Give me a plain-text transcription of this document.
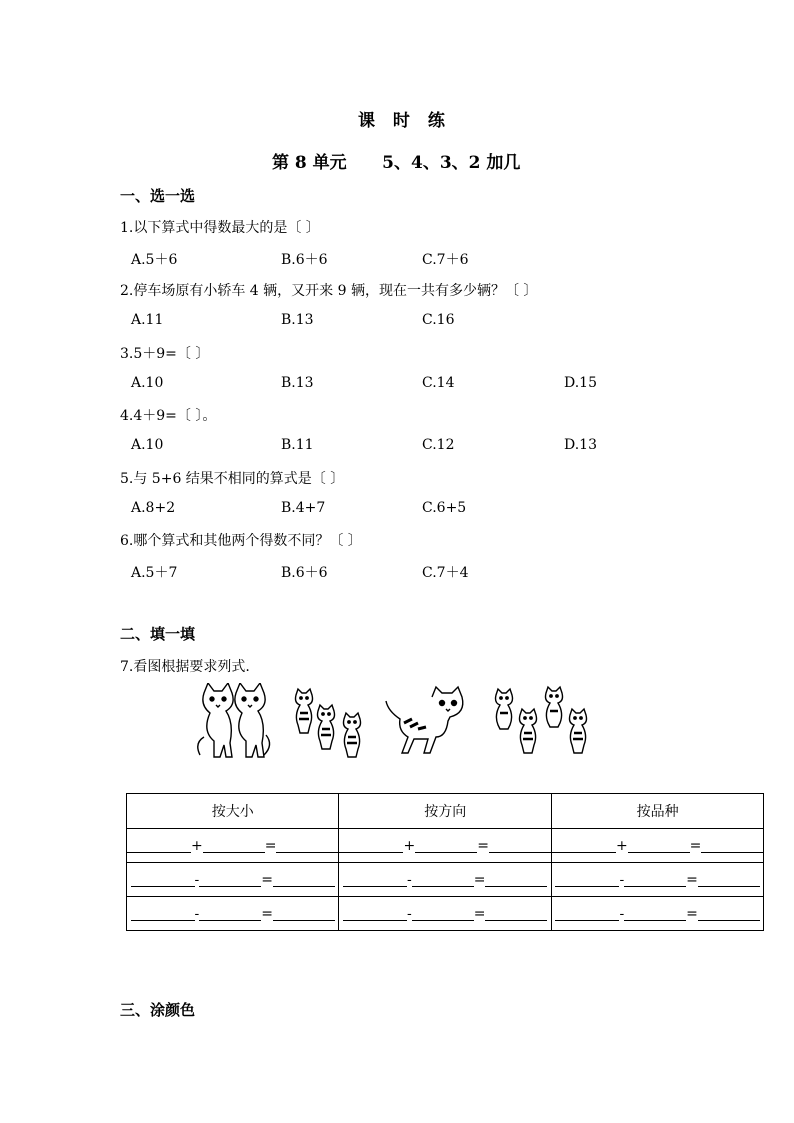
课 时 练
第 8 单元      5、4、3、2 加几
一、选一选
1.以下算式中得数最大的是〔 〕
A.5＋6	B.6＋6	C.7＋6
2.停车场原有小轿车 4 辆，又开来 9 辆，现在一共有多少辆？〔 〕
A.11	B.13	C.16
3.5＋9=〔 〕
A.10	B.13	C.14	D.15
4.4＋9=〔 〕。
A.10	B.11	C.12	D.13
5.与 5+6 结果不相同的算式是〔 〕
A.8+2	B.4+7	C.6+5
6.哪个算式和其他两个得数不同？〔 〕
A.5＋7	B.6＋6	C.7＋4
二、填一填
7.看图根据要求列式.
按大小	按方向	按品种

+ =	+ =	+ =

- =	- =	- =

- =	- =	- =
三、涂颜色
